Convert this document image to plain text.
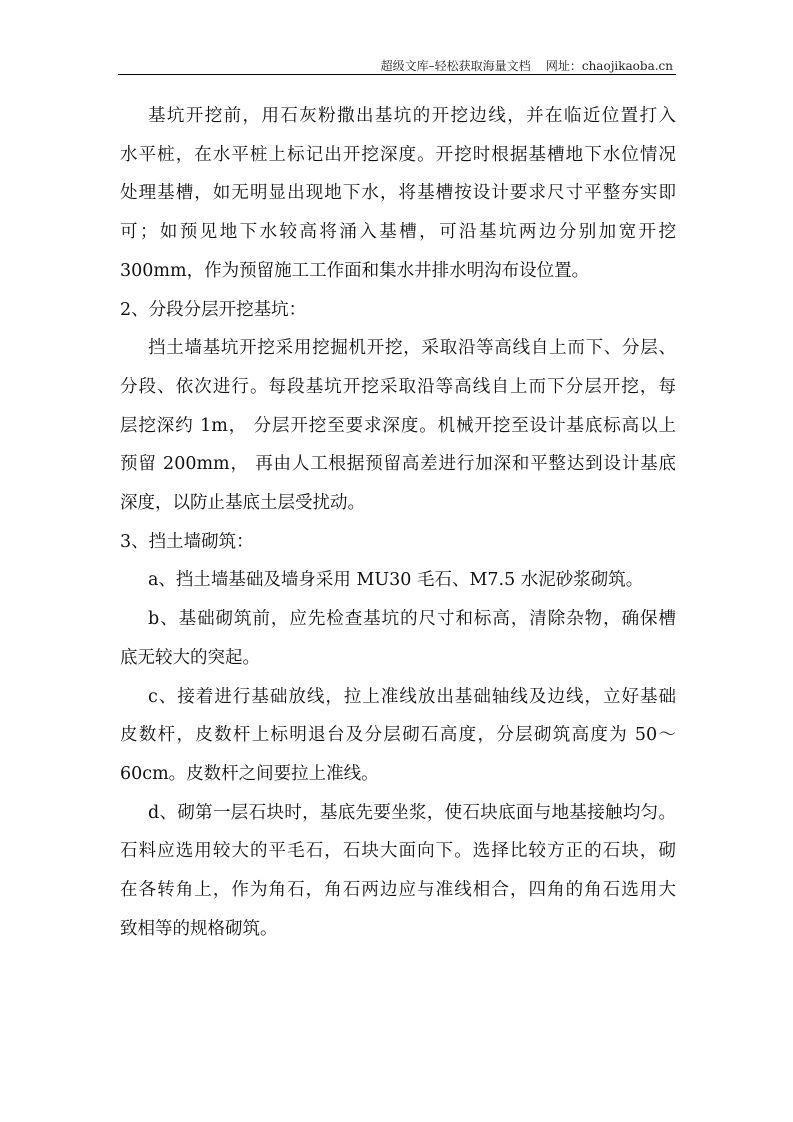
超级文库–轻松获取海量文档 网址：chaojikaoba.cn
基坑开挖前，用石灰粉撒出基坑的开挖边线，并在临近位置打入
水平桩，在水平桩上标记出开挖深度。开挖时根据基槽地下水位情况
处理基槽，如无明显出现地下水，将基槽按设计要求尺寸平整夯实即
可；如预见地下水较高将涌入基槽，可沿基坑两边分别加宽开挖
300mm，作为预留施工工作面和集水井排水明沟布设位置。
2、分段分层开挖基坑：
挡土墙基坑开挖采用挖掘机开挖，采取沿等高线自上而下、分层、
分段、依次进行。每段基坑开挖采取沿等高线自上而下分层开挖，每
层挖深约 1m， 分层开挖至要求深度。机械开挖至设计基底标高以上
预留 200mm， 再由人工根据预留高差进行加深和平整达到设计基底
深度，以防止基底土层受扰动。
3、挡土墙砌筑：
a、挡土墙基础及墙身采用 MU30 毛石、M7.5 水泥砂浆砌筑。
b、基础砌筑前，应先检查基坑的尺寸和标高，清除杂物，确保槽
底无较大的突起。
c、接着进行基础放线，拉上准线放出基础轴线及边线，立好基础
皮数杆，皮数杆上标明退台及分层砌石高度，分层砌筑高度为 50～
60cm。皮数杆之间要拉上准线。
d、砌第一层石块时，基底先要坐浆，使石块底面与地基接触均匀。
石料应选用较大的平毛石，石块大面向下。选择比较方正的石块，砌
在各转角上，作为角石，角石两边应与准线相合，四角的角石选用大
致相等的规格砌筑。
